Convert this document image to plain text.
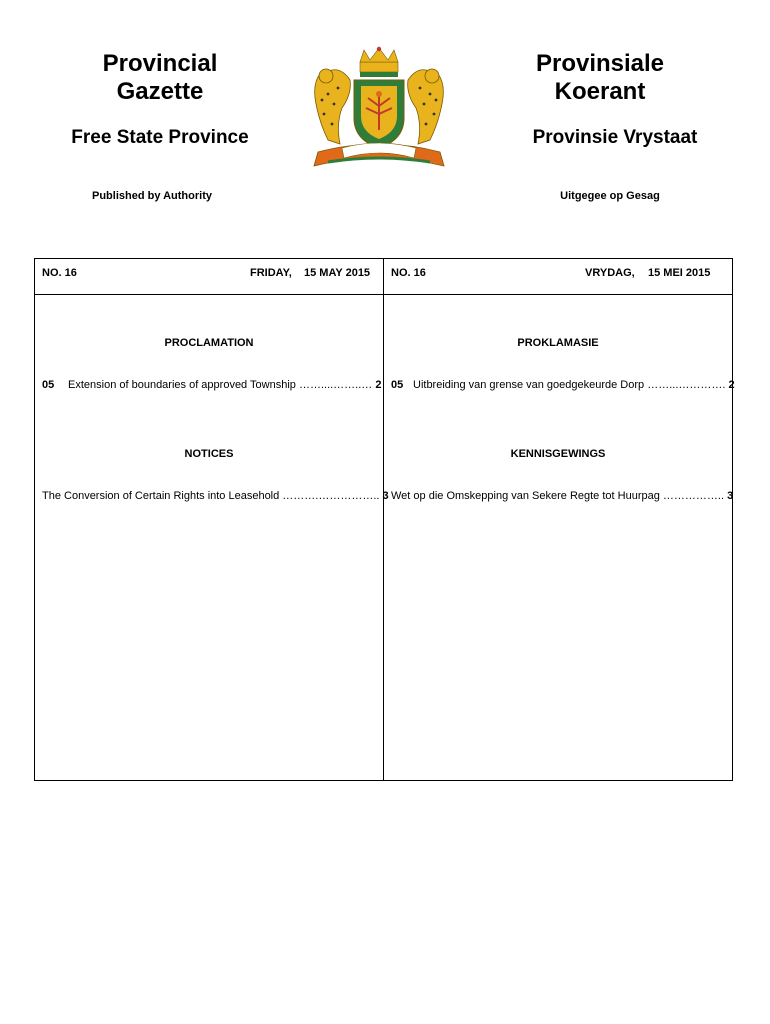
Provincial
Gazette
Free State Province
Published by Authority
Provinsiale
Koerant
Provinsie Vrystaat
Uitgegee op Gesag
NO. 16	FRIDAY, 15 MAY 2015
PROCLAMATION
05 Extension of boundaries of approved Township ……....……..… 2
NOTICES
The Conversion of Certain Rights into Leasehold ……….…………….. 3
NO. 16	VRYDAG, 15 MEI 2015
PROKLAMASIE
05 Uitbreiding van grense van goedgekeurde Dorp ……...…………. 2
KENNISGEWINGS
Wet op die Omskepping van Sekere Regte tot Huurpag …………….. 3
